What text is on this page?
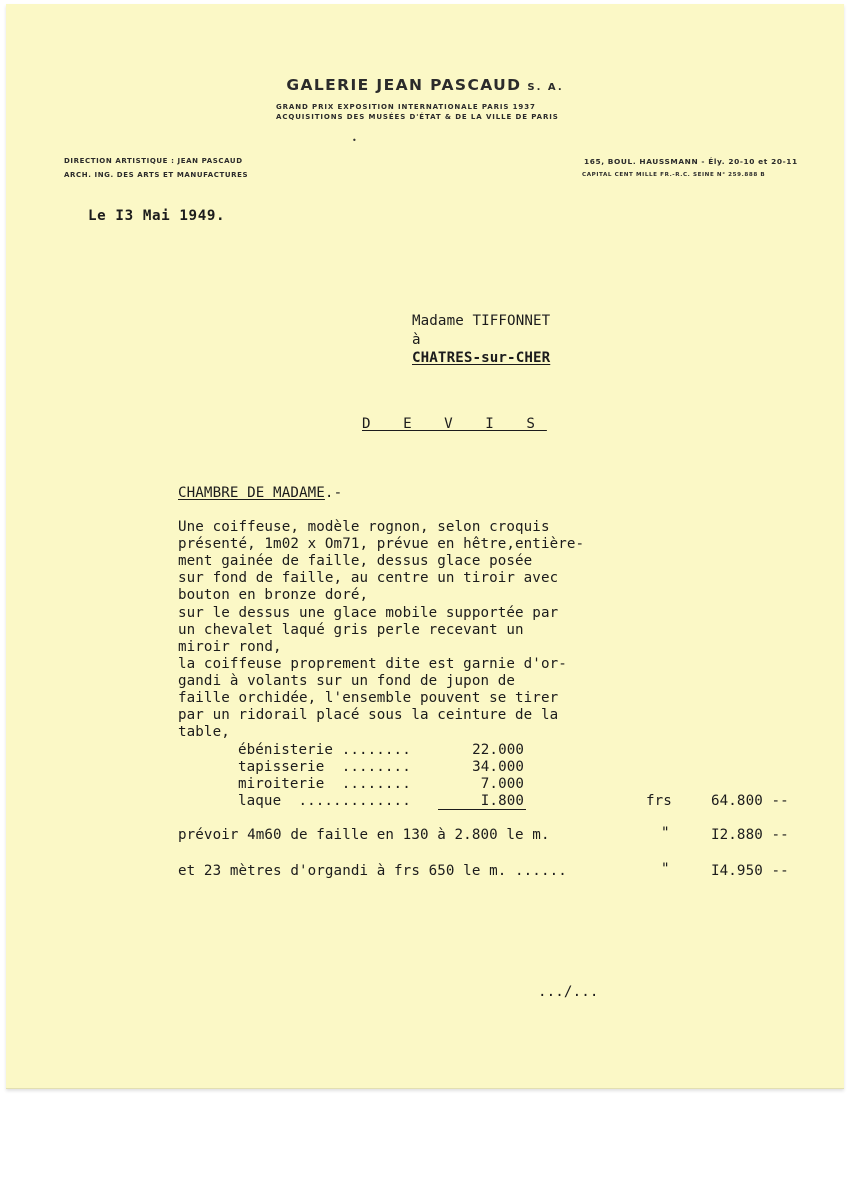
GALERIE JEAN PASCAUD S. A.
GRAND PRIX EXPOSITION INTERNATIONALE PARIS 1937
ACQUISITIONS DES MUSÉES D'ÉTAT & DE LA VILLE DE PARIS
•
DIRECTION ARTISTIQUE : JEAN PASCAUD
ARCH. ING. DES ARTS ET MANUFACTURES
165, BOUL. HAUSSMANN - Ély. 20-10 et 20-11
CAPITAL CENT MILLE FR.-R.C. SEINE N° 259.888 B
Le I3 Mai 1949.
Madame TIFFONNET
à
CHATRES-sur-CHER
D E V I S
CHAMBRE DE MADAME.-
Une coiffeuse, modèle rognon, selon croquis
présenté, 1m02 x Om71, prévue en hêtre,entière-
ment gainée de faille, dessus glace posée
sur fond de faille, au centre un tiroir avec
bouton en bronze doré,
sur le dessus une glace mobile supportée par
un chevalet laqué gris perle recevant un
miroir rond,
la coiffeuse proprement dite est garnie d'or-
gandi à volants sur un fond de jupon de
faille orchidée, l'ensemble pouvent se tirer
par un ridorail placé sous la ceinture de la
table,
ébénisterie ........	22.000
tapisserie  ........	34.000
miroiterie  ........	7.000
laque  .............	I.800	frs	64.800 --
prévoir 4m60 de faille en 130 à 2.800 le m.	"	I2.880 --
et 23 mètres d'organdi à frs 650 le m. ......	"	I4.950 --
.../...
